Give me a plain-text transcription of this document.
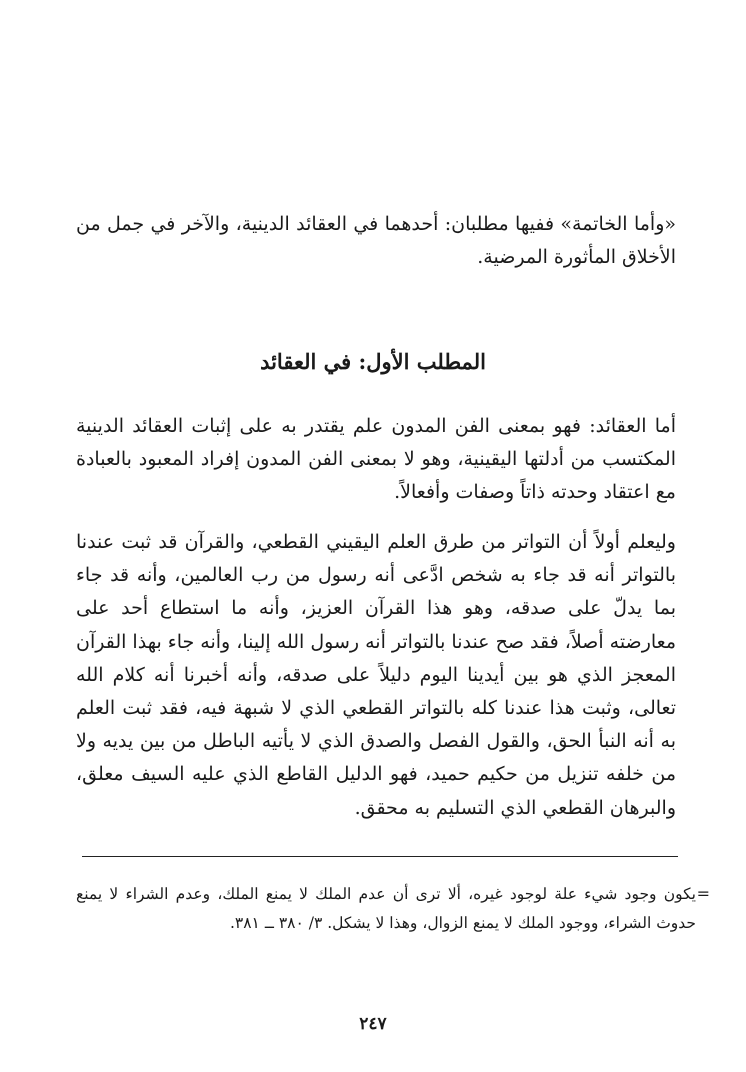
«وأما الخاتمة» ففيها مطلبان: أحدهما في العقائد الدينية، والآخر في جمل من الأخلاق المأثورة المرضية.

المطلب الأول: في العقائد

أما العقائد: فهو بمعنى الفن المدون علم يقتدر به على إثبات العقائد الدينية المكتسب من أدلتها اليقينية، وهو لا بمعنى الفن المدون إفراد المعبود بالعبادة مع اعتقاد وحدته ذاتاً وصفات وأفعالاً.

وليعلم أولاً أن التواتر من طرق العلم اليقيني القطعي، والقرآن قد ثبت عندنا بالتواتر أنه قد جاء به شخص ادَّعى أنه رسول من رب العالمين، وأنه قد جاء بما يدلّ على صدقه، وهو هذا القرآن العزيز، وأنه ما استطاع أحد على معارضته أصلاً، فقد صح عندنا بالتواتر أنه رسول الله إلينا، وأنه جاء بهذا القرآن المعجز الذي هو بين أيدينا اليوم دليلاً على صدقه، وأنه أخبرنا أنه كلام الله تعالى، وثبت هذا عندنا كله بالتواتر القطعي الذي لا شبهة فيه، فقد ثبت العلم به أنه النبأ الحق، والقول الفصل والصدق الذي لا يأتيه الباطل من بين يديه ولا من خلفه تنزيل من حكيم حميد، فهو الدليل القاطع الذي عليه السيف معلق، والبرهان القطعي الذي التسليم به محقق.

=

يكون وجود شيء علة لوجود غيره، ألا ترى أن عدم الملك لا يمنع الملك، وعدم الشراء لا يمنع حدوث الشراء، ووجود الملك لا يمنع الزوال، وهذا لا يشكل. ٣/ ٣٨٠ ــ ٣٨١.

٢٤٧
